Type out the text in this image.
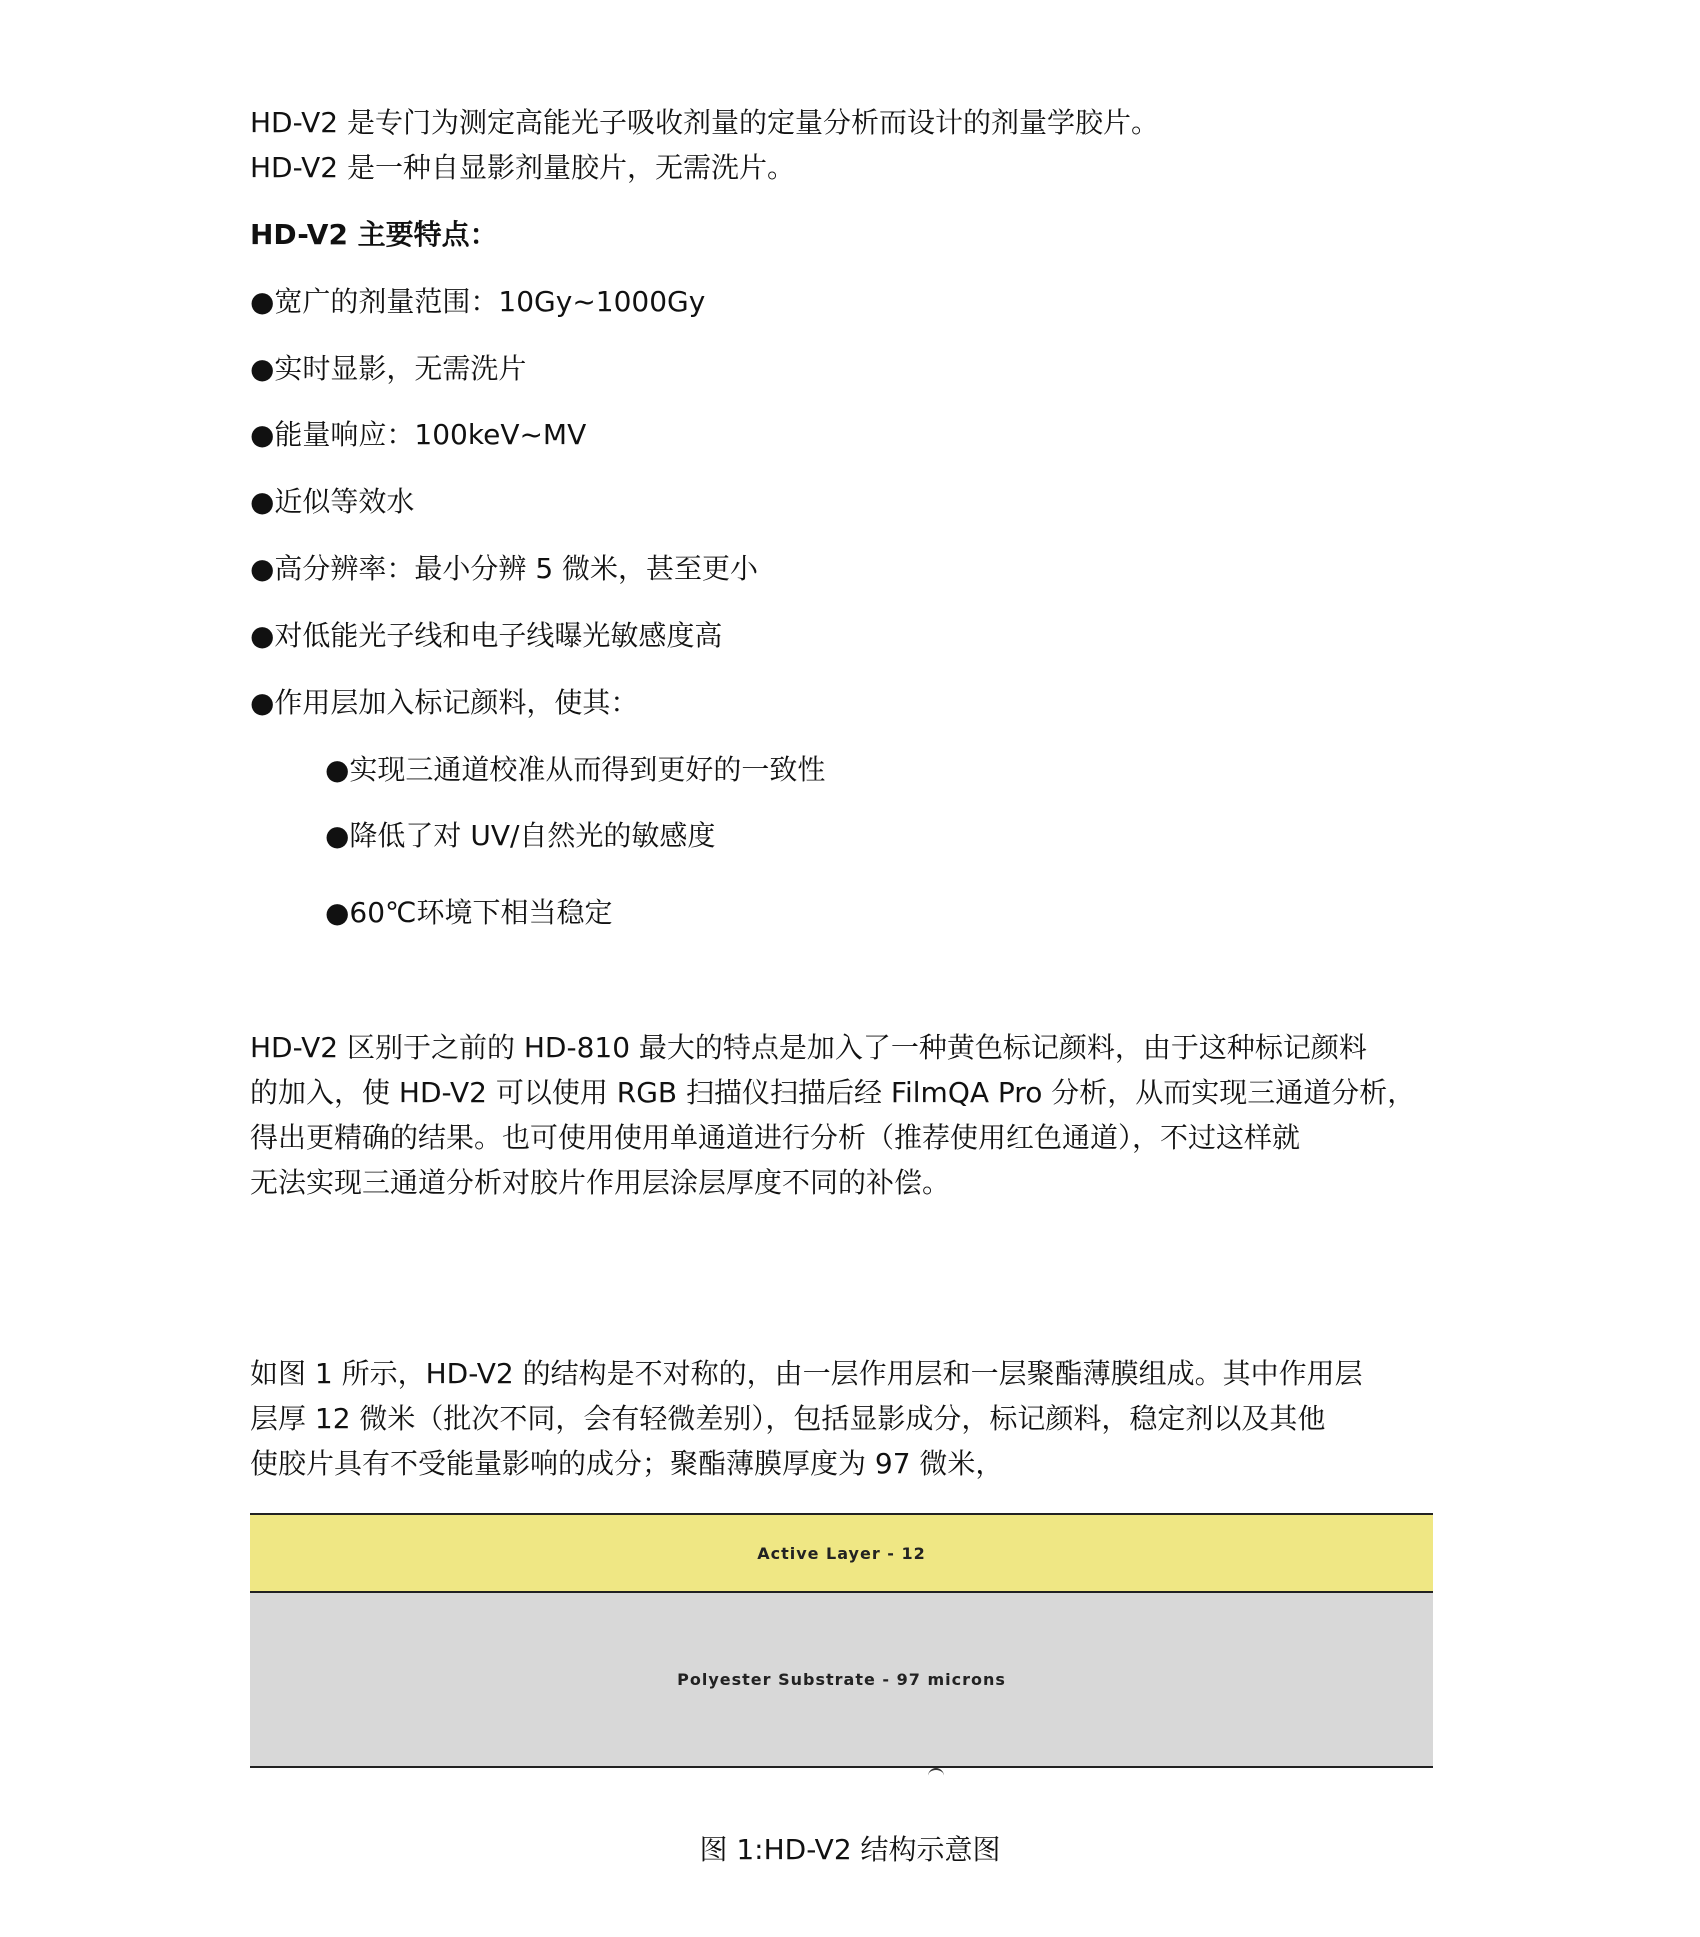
HD-V2 是专门为测定高能光子吸收剂量的定量分析而设计的剂量学胶片。
HD-V2 是一种自显影剂量胶片，无需洗片。
HD-V2 主要特点：
●宽广的剂量范围：10Gy~1000Gy
●实时显影，无需洗片
●能量响应：100keV~MV
●近似等效水
●高分辨率：最小分辨 5 微米，甚至更小
●对低能光子线和电子线曝光敏感度高
●作用层加入标记颜料，使其：
●实现三通道校准从而得到更好的一致性
●降低了对 UV/自然光的敏感度
●60℃环境下相当稳定
HD-V2 区别于之前的 HD-810 最大的特点是加入了一种黄色标记颜料，由于这种标记颜料
的加入，使 HD-V2 可以使用 RGB 扫描仪扫描后经 FilmQA Pro 分析，从而实现三通道分析，
得出更精确的结果。也可使用使用单通道进行分析（推荐使用红色通道），不过这样就
无法实现三通道分析对胶片作用层涂层厚度不同的补偿。
如图 1 所示，HD-V2 的结构是不对称的，由一层作用层和一层聚酯薄膜组成。其中作用层
层厚 12 微米（批次不同，会有轻微差别），包括显影成分，标记颜料，稳定剂以及其他
使胶片具有不受能量影响的成分；聚酯薄膜厚度为 97 微米，
Active Layer - 12
Polyester Substrate - 97 microns
图 1:HD-V2 结构示意图
